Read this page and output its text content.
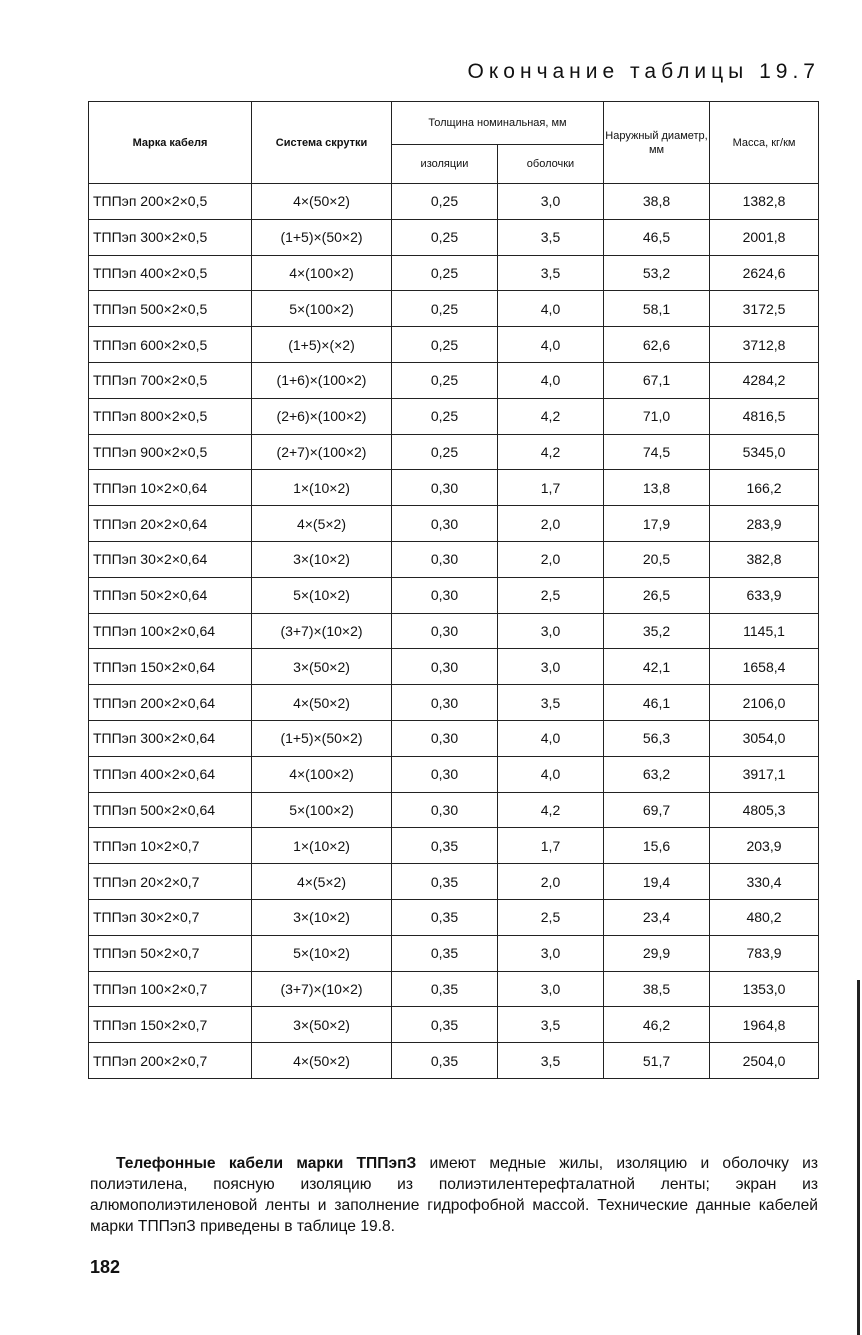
Окончание таблицы 19.7
Марка кабеля	Система скрутки	Толщина номинальная, мм		Наружный диаметр, мм	Масса, кг/км
		изоляции	оболочки		
ТППэп 200×2×0,5	4×(50×2)	0,25	3,0	38,8	1382,8
ТППэп 300×2×0,5	(1+5)×(50×2)	0,25	3,5	46,5	2001,8
ТППэп 400×2×0,5	4×(100×2)	0,25	3,5	53,2	2624,6
ТППэп 500×2×0,5	5×(100×2)	0,25	4,0	58,1	3172,5
ТППэп 600×2×0,5	(1+5)×(×2)	0,25	4,0	62,6	3712,8
ТППэп 700×2×0,5	(1+6)×(100×2)	0,25	4,0	67,1	4284,2
ТППэп 800×2×0,5	(2+6)×(100×2)	0,25	4,2	71,0	4816,5
ТППэп 900×2×0,5	(2+7)×(100×2)	0,25	4,2	74,5	5345,0
ТППэп 10×2×0,64	1×(10×2)	0,30	1,7	13,8	166,2
ТППэп 20×2×0,64	4×(5×2)	0,30	2,0	17,9	283,9
ТППэп 30×2×0,64	3×(10×2)	0,30	2,0	20,5	382,8
ТППэп 50×2×0,64	5×(10×2)	0,30	2,5	26,5	633,9
ТППэп 100×2×0,64	(3+7)×(10×2)	0,30	3,0	35,2	1145,1
ТППэп 150×2×0,64	3×(50×2)	0,30	3,0	42,1	1658,4
ТППэп 200×2×0,64	4×(50×2)	0,30	3,5	46,1	2106,0
ТППэп 300×2×0,64	(1+5)×(50×2)	0,30	4,0	56,3	3054,0
ТППэп 400×2×0,64	4×(100×2)	0,30	4,0	63,2	3917,1
ТППэп 500×2×0,64	5×(100×2)	0,30	4,2	69,7	4805,3
ТППэп 10×2×0,7	1×(10×2)	0,35	1,7	15,6	203,9
ТППэп 20×2×0,7	4×(5×2)	0,35	2,0	19,4	330,4
ТППэп 30×2×0,7	3×(10×2)	0,35	2,5	23,4	480,2
ТППэп 50×2×0,7	5×(10×2)	0,35	3,0	29,9	783,9
ТППэп 100×2×0,7	(3+7)×(10×2)	0,35	3,0	38,5	1353,0
ТППэп 150×2×0,7	3×(50×2)	0,35	3,5	46,2	1964,8
ТППэп 200×2×0,7	4×(50×2)	0,35	3,5	51,7	2504,0

Телефонные кабели марки ТППэпЗ имеют медные жилы, изоляцию и оболочку из полиэтилена, поясную изоляцию из полиэтилентерефталатной ленты; экран из алюмополиэтиленовой ленты и заполнение гидрофобной массой. Технические данные кабелей марки ТППэпЗ приведены в таблице 19.8.

182
